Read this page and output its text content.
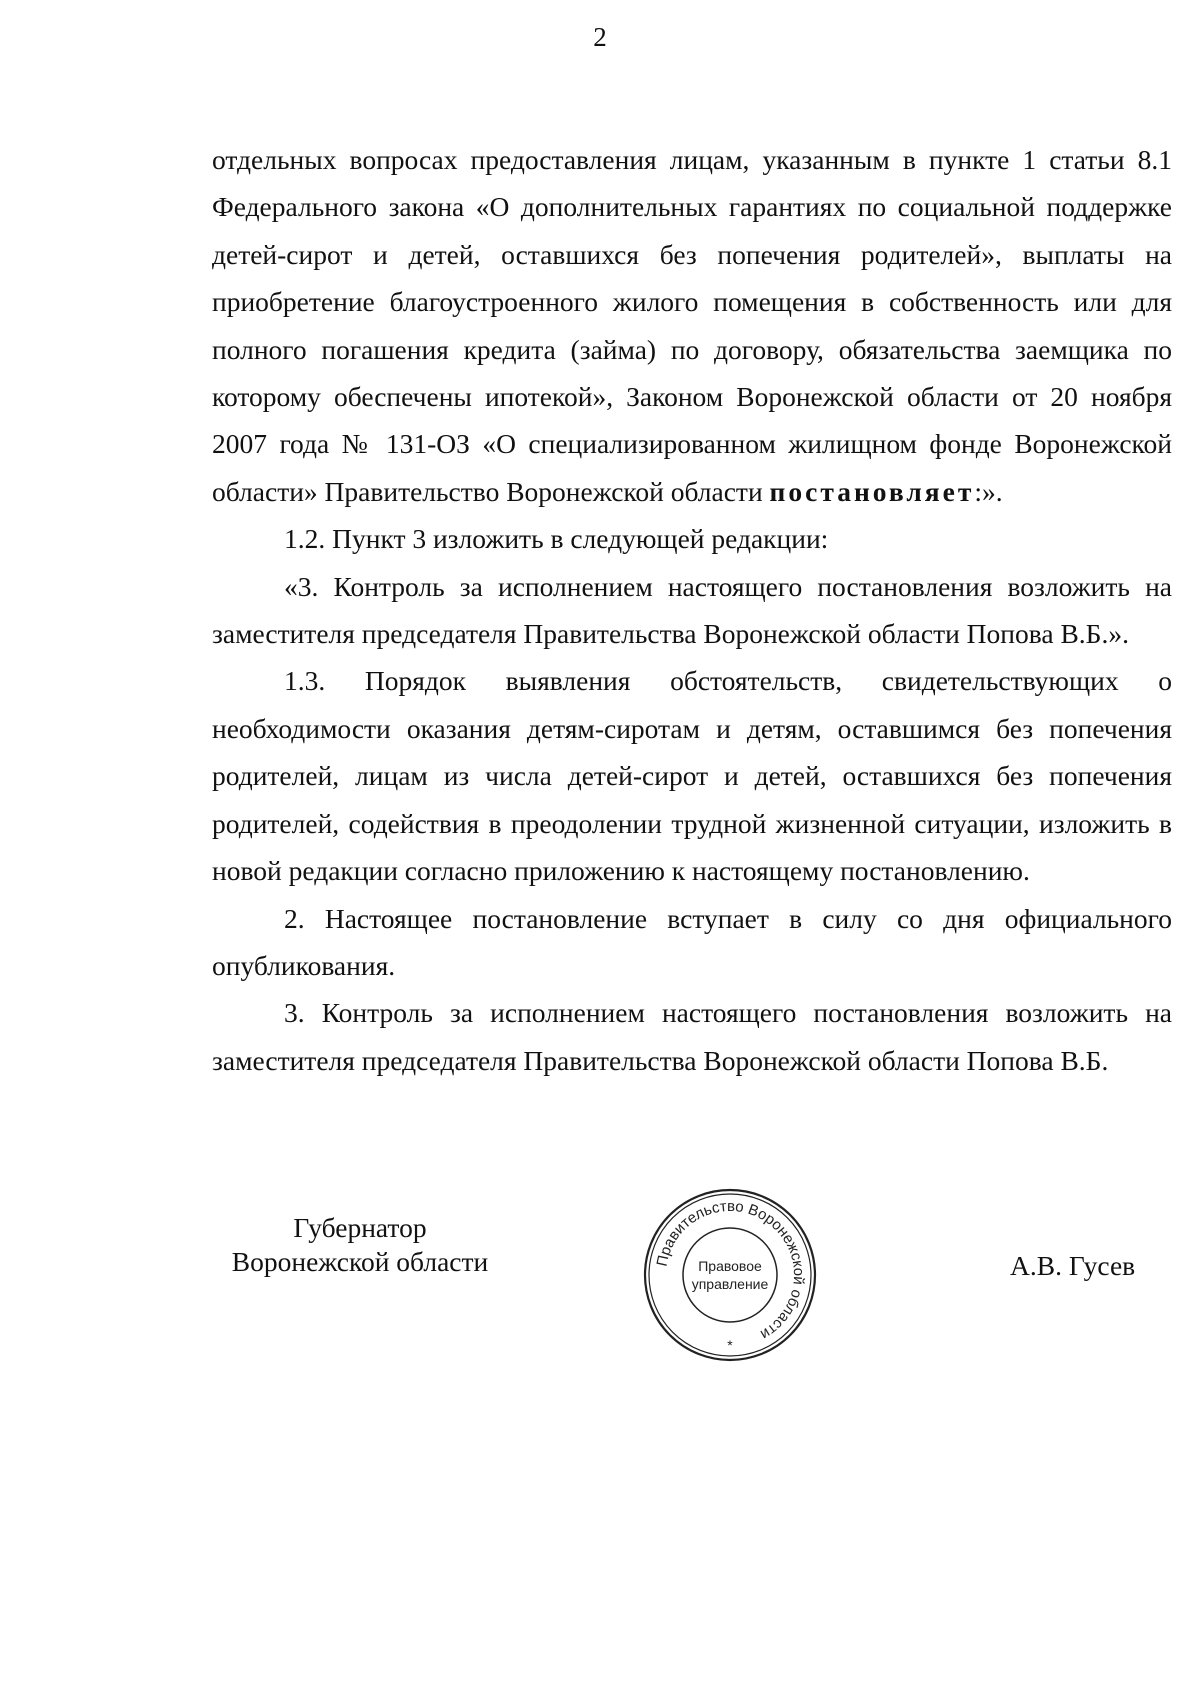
2

отдельных вопросах предоставления лицам, указанным в пункте 1 статьи 8.1 Федерального закона «О дополнительных гарантиях по социальной поддержке детей-сирот и детей, оставшихся без попечения родителей», выплаты на приобретение благоустроенного жилого помещения в собственность или для полного погашения кредита (займа) по договору, обязательства заемщика по которому обеспечены ипотекой», Законом Воронежской области от 20 ноября 2007 года № 131-ОЗ «О специализированном жилищном фонде Воронежской области» Правительство Воронежской области постановляет:».

1.2. Пункт 3 изложить в следующей редакции:

«3. Контроль за исполнением настоящего постановления возложить на заместителя председателя Правительства Воронежской области Попова В.Б.».

1.3. Порядок выявления обстоятельств, свидетельствующих о необходимости оказания детям-сиротам и детям, оставшимся без попечения родителей, лицам из числа детей-сирот и детей, оставшихся без попечения родителей, содействия в преодолении трудной жизненной ситуации, изложить в новой редакции согласно приложению к настоящему постановлению.

2. Настоящее постановление вступает в силу со дня официального опубликования.

3. Контроль за исполнением настоящего постановления возложить на заместителя председателя Правительства Воронежской области Попова В.Б.

Губернатор
Воронежской области	Правительство Воронежской области
Правовое
управление
*
А.В. Гусев
